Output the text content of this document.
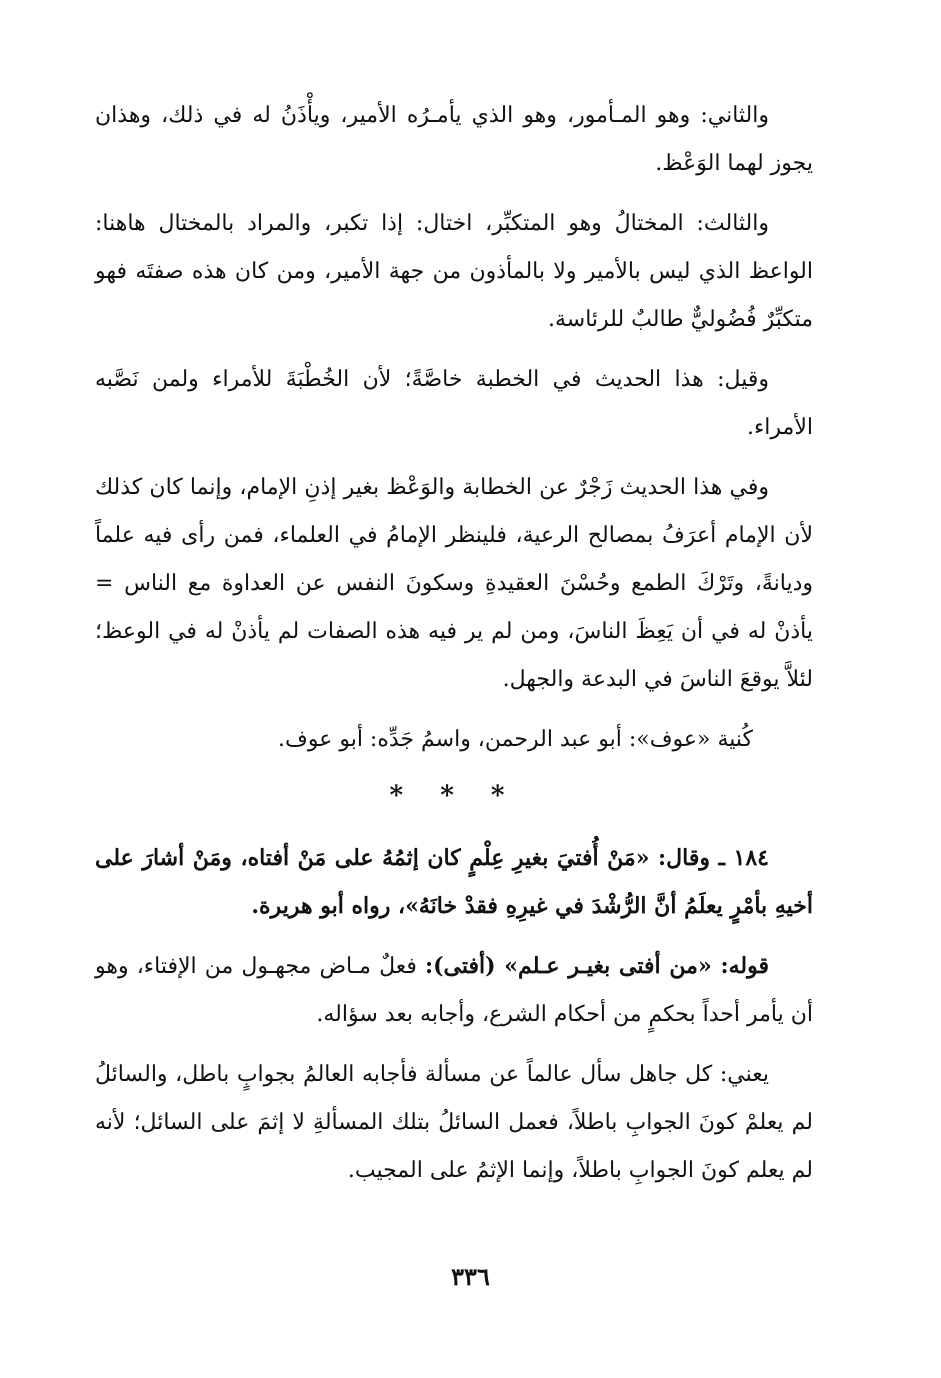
والثاني: وهو المـأمور، وهو الذي يأمـرُه الأمير، ويأْذَنُ له في ذلك، وهذان يجوز لهما الوَعْظ.

والثالث: المختالُ وهو المتكبِّر، اختال: إذا تكبر، والمراد بالمختال هاهنا: الواعظ الذي ليس بالأمير ولا بالمأذون من جهة الأمير، ومن كان هذه صفتَه فهو متكبِّرٌ فُضُوليٌّ طالبٌ للرئاسة.

وقيل: هذا الحديث في الخطبة خاصَّةً؛ لأن الخُطْبَةَ للأمراء ولمن نَصَّبه الأمراء.

وفي هذا الحديث زَجْرٌ عن الخطابة والوَعْظ بغير إذنِ الإمام، وإنما كان كذلك لأن الإمام أعرَفُ بمصالح الرعية، فلينظر الإمامُ في العلماء، فمن رأى فيه علماً وديانةً، وتَرْكَ الطمع وحُسْنَ العقيدةِ وسكونَ النفس عن العداوة مع الناس = يأذنْ له في أن يَعِظَ الناسَ، ومن لم ير فيه هذه الصفات لم يأذنْ له في الوعظ؛ لئلاَّ يوقعَ الناسَ في البدعة والجهل.

كُنية «عوف»: أبو عبد الرحمن، واسمُ جَدِّه: أبو عوف.

* * *

١٨٤ ـ وقال: «مَنْ أُفتيَ بغيرِ عِلْمٍ كان إثمُهُ على مَنْ أفتاه، ومَنْ أشارَ على أخيهِ بأمْرٍ يعلَمُ أنَّ الرُّشْدَ في غيرِهِ فقدْ خانَهُ»، رواه أبو هريرة.

قوله: «من أفتى بغيـر عـلم» (أفتى): فعلٌ مـاض مجهـول من الإفتاء، وهو أن يأمر أحداً بحكمٍ من أحكام الشرع، وأجابه بعد سؤاله.

يعني: كل جاهل سأل عالماً عن مسألة فأجابه العالمُ بجوابٍ باطل، والسائلُ لم يعلمْ كونَ الجوابِ باطلاً، فعمل السائلُ بتلك المسألةِ لا إثمَ على السائل؛ لأنه لم يعلم كونَ الجوابِ باطلاً، وإنما الإثمُ على المجيب.

٣٣٦
